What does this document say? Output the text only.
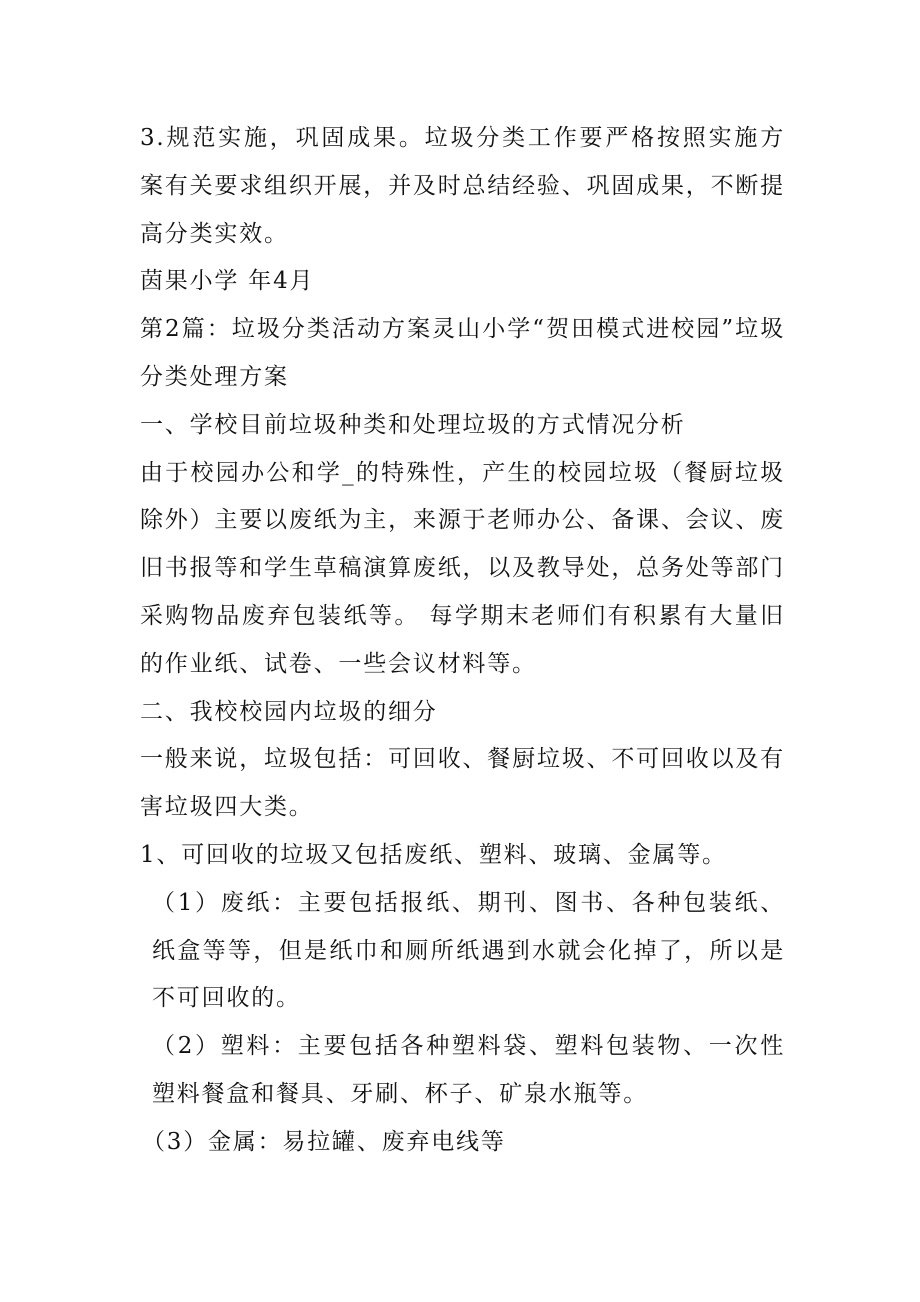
3.规范实施，巩固成果。垃圾分类工作要严格按照实施方案有关要求组织开展，并及时总结经验、巩固成果，不断提高分类实效。

茵果小学 年4月

第2篇：垃圾分类活动方案灵山小学“贺田模式进校园”垃圾分类处理方案

一、学校目前垃圾种类和处理垃圾的方式情况分析

由于校园办公和学_的特殊性，产生的校园垃圾（餐厨垃圾除外）主要以废纸为主，来源于老师办公、备课、会议、废旧书报等和学生草稿演算废纸，以及教导处，总务处等部门采购物品废弃包装纸等。 每学期末老师们有积累有大量旧的作业纸、试卷、一些会议材料等。

二、我校校园内垃圾的细分

一般来说，垃圾包括：可回收、餐厨垃圾、不可回收以及有害垃圾四大类。

1、可回收的垃圾又包括废纸、塑料、玻璃、金属等。

（1）废纸：主要包括报纸、期刊、图书、各种包装纸、纸盒等等，但是纸巾和厕所纸遇到水就会化掉了，所以是不可回收的。

（2）塑料：主要包括各种塑料袋、塑料包装物、一次性塑料餐盒和餐具、牙刷、杯子、矿泉水瓶等。

（3）金属：易拉罐、废弃电线等
